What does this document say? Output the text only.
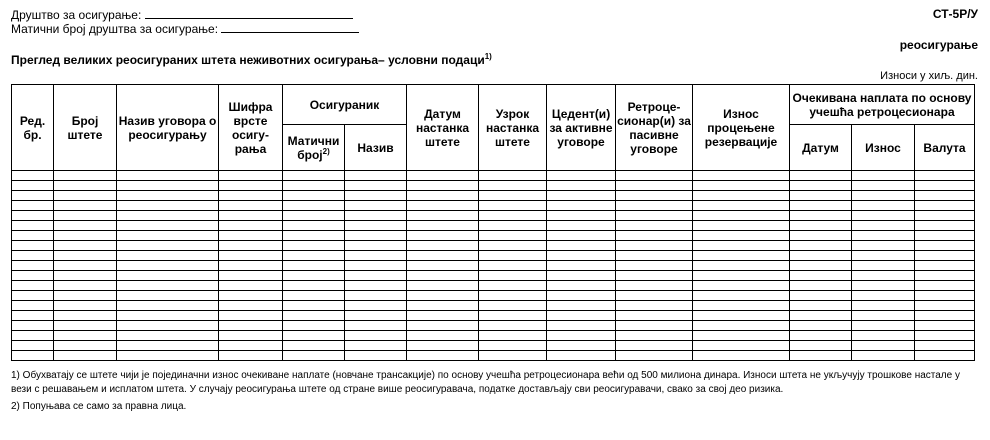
Друштво за осигурање:
Матични број друштва за осигурање:
СТ-5Р/У
реосигурање
Преглед великих реосигураних штета неживотних осигурања– условни подаци$^{1)}$
Износи у хиљ. дин.
Ред. бр.	Број штете	Назив уговора о реосигурању	Шифра врсте осигу-рања	Осигураник		Датум настанка штете	Узрок настанка штете	Цедент(и) за активне уговоре	Ретроце-сионар(и) за пасивне уговоре	Износ процењене резервације	Очекивана наплата по основу учешћа ретроцесионара		
				Матични број$^{2)}$	Назив						Датум	Износ	Валута

1) Обухватају се штете чији је појединачни износ очекиване наплате (новчане трансакције) по основу учешћа ретроцесионара већи од 500 милиона динара. Износи штета не укључују трошкове настале у вези с решавањем и исплатом штета. У случају реосигурања штете од стране више реосигуравача, податке достављају сви реосигуравачи, свако за свој део ризика.
2) Попуњава се само за правна лица.
